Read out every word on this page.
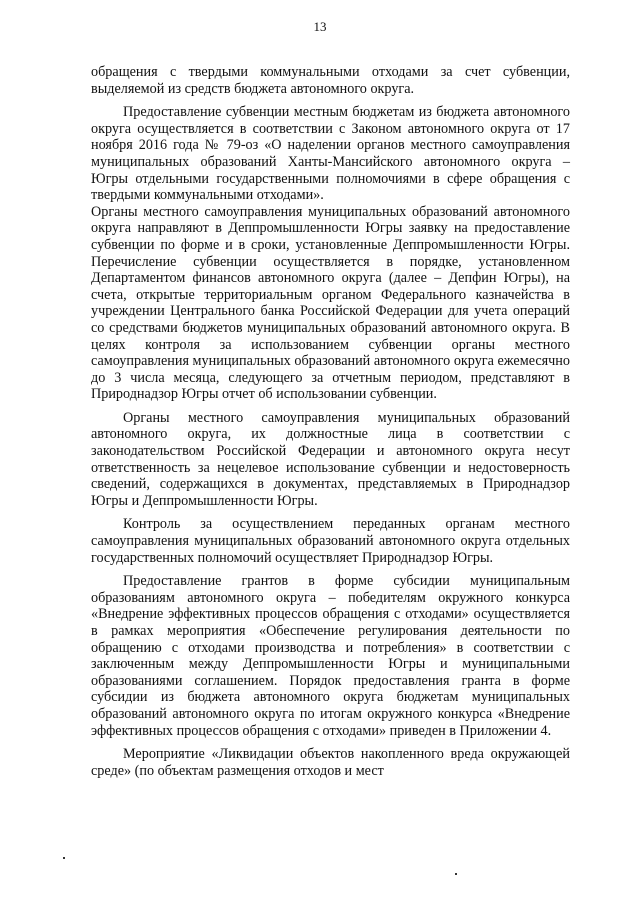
13

обращения с твердыми коммунальными отходами за счет субвенции, выделяемой из средств бюджета автономного округа.

Предоставление субвенции местным бюджетам из бюджета автономного округа осуществляется в соответствии с Законом автономного округа от 17 ноября 2016 года № 79-оз «О наделении органов местного самоуправления муниципальных образований Ханты-Мансийского автономного округа – Югры отдельными государственными полномочиями в сфере обращения с твердыми коммунальными отходами».

Органы местного самоуправления муниципальных образований автономного округа направляют в Деппромышленности Югры заявку на предоставление субвенции по форме и в сроки, установленные Деппромышленности Югры. Перечисление субвенции осуществляется в порядке, установленном Департаментом финансов автономного округа (далее – Депфин Югры), на счета, открытые территориальным органом Федерального казначейства в учреждении Центрального банка Российской Федерации для учета операций со средствами бюджетов муниципальных образований автономного округа. В целях контроля за использованием субвенции органы местного самоуправления муниципальных образований автономного округа ежемесячно до 3 числа месяца, следующего за отчетным периодом, представляют в Природнадзор Югры отчет об использовании субвенции.

Органы местного самоуправления муниципальных образований автономного округа, их должностные лица в соответствии с законодательством Российской Федерации и автономного округа несут ответственность за нецелевое использование субвенции и недостоверность сведений, содержащихся в документах, представляемых в Природнадзор Югры и Деппромышленности Югры.

Контроль за осуществлением переданных органам местного самоуправления муниципальных образований автономного округа отдельных государственных полномочий осуществляет Природнадзор Югры.

Предоставление грантов в форме субсидии муниципальным образованиям автономного округа – победителям окружного конкурса «Внедрение эффективных процессов обращения с отходами» осуществляется в рамках мероприятия «Обеспечение регулирования деятельности по обращению с отходами производства и потребления» в соответствии с заключенным между Деппромышленности Югры и муниципальными образованиями соглашением. Порядок предоставления гранта в форме субсидии из бюджета автономного округа бюджетам муниципальных образований автономного округа по итогам окружного конкурса «Внедрение эффективных процессов обращения с отходами» приведен в Приложении 4.

Мероприятие «Ликвидации объектов накопленного вреда окружающей среде» (по объектам размещения отходов и мест
